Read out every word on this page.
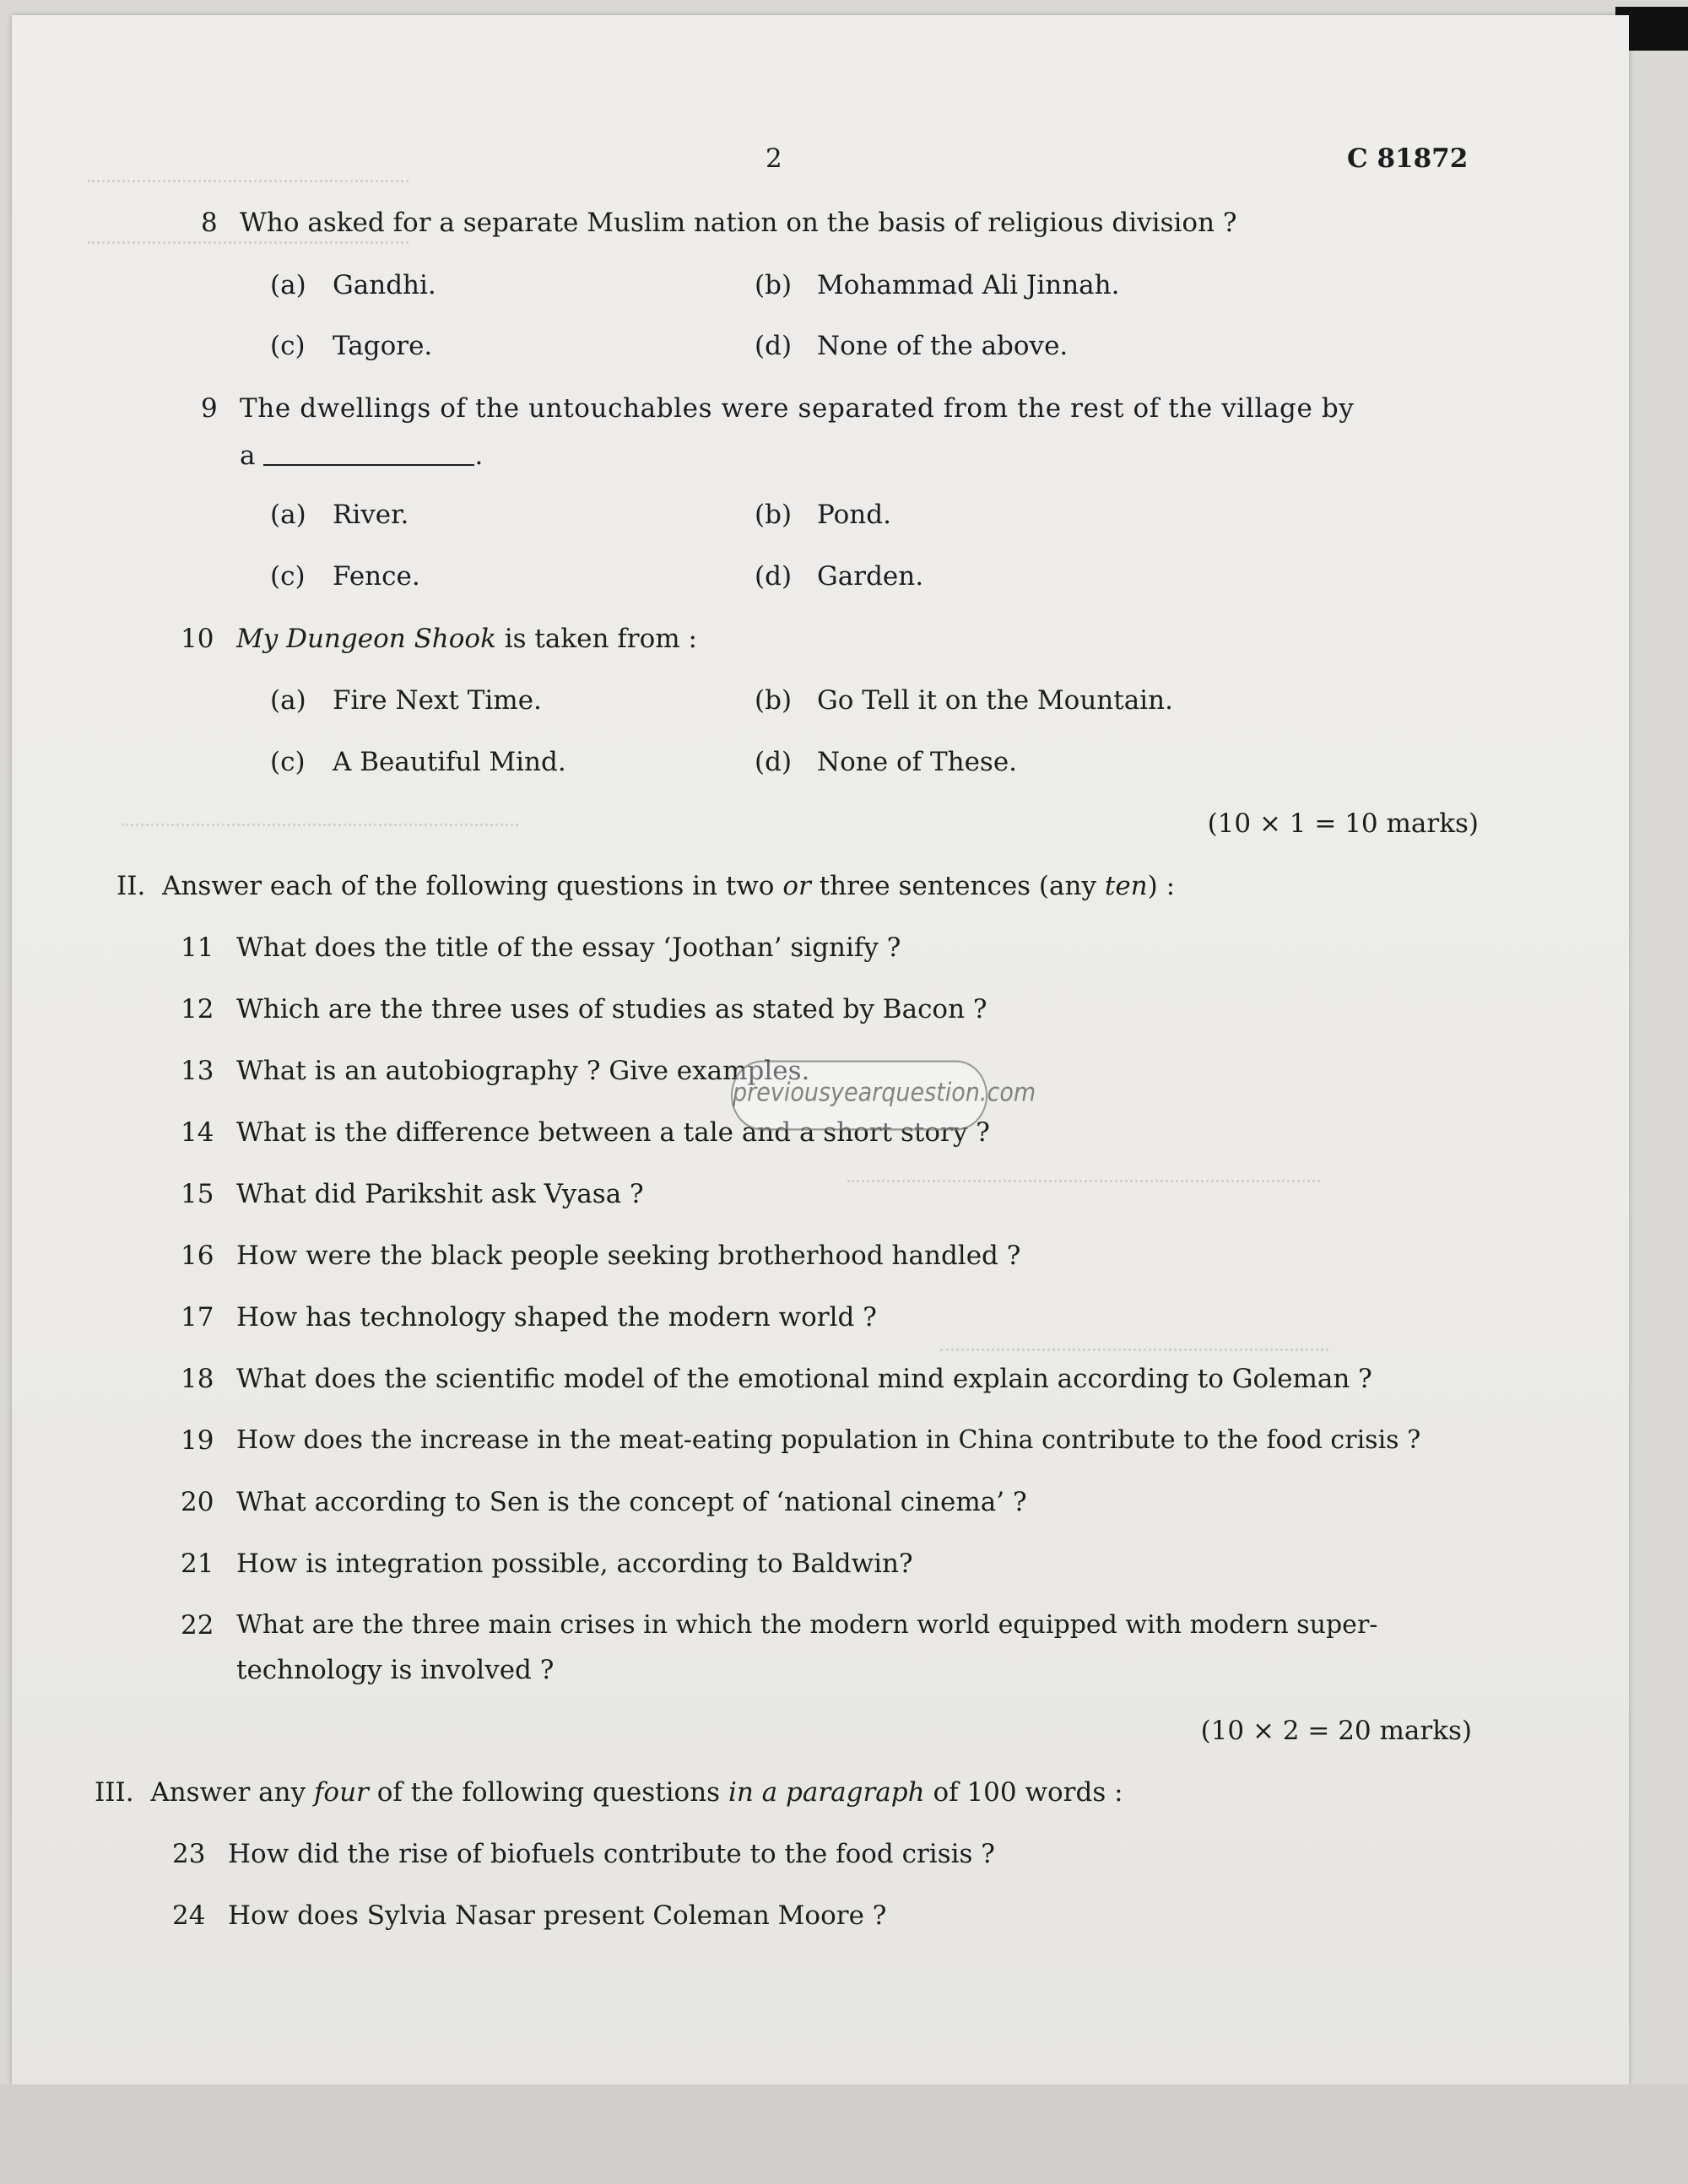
2	C 81872
8 Who asked for a separate Muslim nation on the basis of religious division ?
(a) Gandhi.	(b) Mohammad Ali Jinnah.
(c) Tagore.	(d) None of the above.
9 The dwellings of the untouchables were separated from the rest of the village by
a	.
(a) River.	(b) Pond.
(c) Fence.	(d) Garden.
10 My Dungeon Shook is taken from :
(a) Fire Next Time.	(b) Go Tell it on the Mountain.
(c) A Beautiful Mind.	(d) None of These.
(10 × 1 = 10 marks)
II. Answer each of the following questions in two or three sentences (any ten) :
11 What does the title of the essay ‘Joothan’ signify ?
12 Which are the three uses of studies as stated by Bacon ?
13 What is an autobiography ? Give examples.
14 What is the difference between a tale and a short story ?
15 What did Parikshit ask Vyasa ?
16 How were the black people seeking brotherhood handled ?
17 How has technology shaped the modern world ?
18 What does the scientific model of the emotional mind explain according to Goleman ?
19 How does the increase in the meat-eating population in China contribute to the food crisis ?
20 What according to Sen is the concept of ‘national cinema’ ?
21 How is integration possible, according to Baldwin?
22 What are the three main crises in which the modern world equipped with modern super-
technology is involved ?
(10 × 2 = 20 marks)
III. Answer any four of the following questions in a paragraph of 100 words :
23 How did the rise of biofuels contribute to the food crisis ?
24 How does Sylvia Nasar present Coleman Moore ?
previousyearquestion.com
